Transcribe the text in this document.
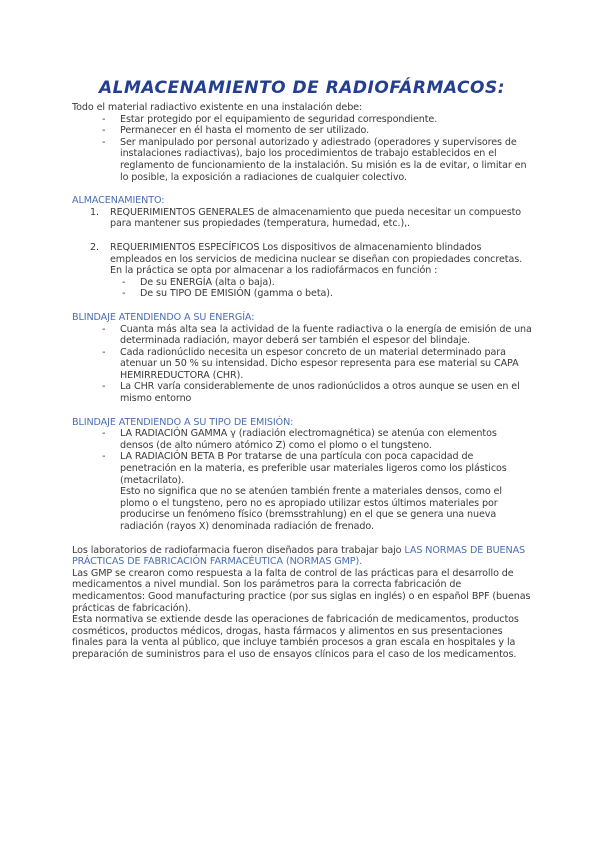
ALMACENAMIENTO DE RADIOFÁRMACOS:

Todo el material radiactivo existente en una instalación debe:

- Estar protegido por el equipamiento de seguridad correspondiente.
- Permanecer en él hasta el momento de ser utilizado.
- Ser manipulado por personal autorizado y adiestrado (operadores y supervisores de instalaciones radiactivas), bajo los procedimientos de trabajo establecidos en el reglamento de funcionamiento de la instalación. Su misión es la de evitar, o limitar en lo posible, la exposición a radiaciones de cualquier colectivo.

ALMACENAMIENTO:

1. REQUERIMIENTOS GENERALES de almacenamiento que pueda necesitar un compuesto para mantener sus propiedades (temperatura, humedad, etc.),.
2. REQUERIMIENTOS ESPECÍFICOS Los dispositivos de almacenamiento blindados empleados en los servicios de medicina nuclear se diseñan con propiedades concretas.
En la práctica se opta por almacenar a los radiofármacos en función :
- De su ENERGÍA (alta o baja).
- De su TIPO DE EMISIÓN (gamma o beta).

BLINDAJE ATENDIENDO A SU ENERGÍA:

- Cuanta más alta sea la actividad de la fuente radiactiva o la energía de emisión de una determinada radiación, mayor deberá ser también el espesor del blindaje.
- Cada radionúclido necesita un espesor concreto de un material determinado para atenuar un 50 % su intensidad. Dicho espesor representa para ese material su CAPA HEMIRREDUCTORA (CHR).
- La CHR varía considerablemente de unos radionúclidos a otros aunque se usen en el mismo entorno

BLINDAJE ATENDIENDO A SU TIPO DE EMISIÓN:

- LA RADIACIÓN GAMMA γ (radiación electromagnética) se atenúa con elementos densos (de alto número atómico Z) como el plomo o el tungsteno.
- LA RADIACIÓN BETA B Por tratarse de una partícula con poca capacidad de penetración en la materia, es preferible usar materiales ligeros como los plásticos (metacrilato).
Esto no significa que no se atenúen también frente a materiales densos, como el plomo o el tungsteno, pero no es apropiado utilizar estos últimos materiales por producirse un fenómeno físico (bremsstrahlung) en el que se genera una nueva radiación (rayos X) denominada radiación de frenado.

Los laboratorios de radiofarmacia fueron diseñados para trabajar bajo LAS NORMAS DE BUENAS PRÁCTICAS DE FABRICACIÓN FARMACÉUTICA (NORMAS GMP).

Las GMP se crearon como respuesta a la falta de control de las prácticas para el desarrollo de medicamentos a nivel mundial. Son los parámetros para la correcta fabricación de medicamentos: Good manufacturing practice (por sus siglas en inglés) o en español BPF (buenas prácticas de fabricación).

Esta normativa se extiende desde las operaciones de fabricación de medicamentos, productos cosméticos, productos médicos, drogas, hasta fármacos y alimentos en sus presentaciones finales para la venta al público, que incluye también procesos a gran escala en hospitales y la preparación de suministros para el uso de ensayos clínicos para el caso de los medicamentos.
